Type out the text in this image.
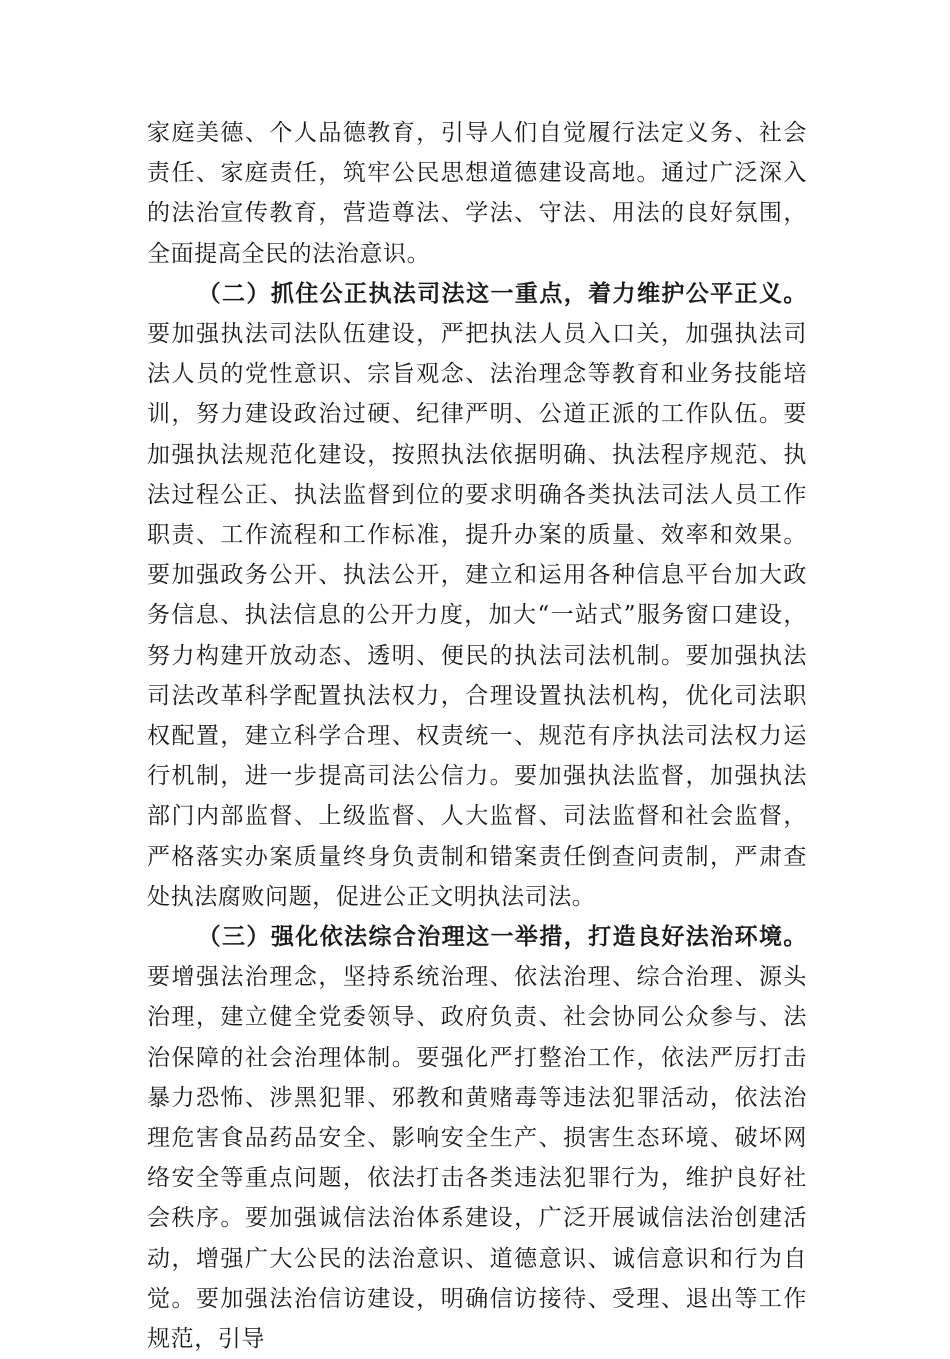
家庭美德、个人品德教育，引导人们自觉履行法定义务、社会责任、家庭责任，筑牢公民思想道德建设高地。通过广泛深入的法治宣传教育，营造尊法、学法、守法、用法的良好氛围，全面提高全民的法治意识。

（二）抓住公正执法司法这一重点，着力维护公平正义。要加强执法司法队伍建设，严把执法人员入口关，加强执法司法人员的党性意识、宗旨观念、法治理念等教育和业务技能培训，努力建设政治过硬、纪律严明、公道正派的工作队伍。要加强执法规范化建设，按照执法依据明确、执法程序规范、执法过程公正、执法监督到位的要求明确各类执法司法人员工作职责、工作流程和工作标准，提升办案的质量、效率和效果。要加强政务公开、执法公开，建立和运用各种信息平台加大政务信息、执法信息的公开力度，加大“一站式”服务窗口建设，努力构建开放动态、透明、便民的执法司法机制。要加强执法司法改革科学配置执法权力，合理设置执法机构，优化司法职权配置，建立科学合理、权责统一、规范有序执法司法权力运行机制，进一步提高司法公信力。要加强执法监督，加强执法部门内部监督、上级监督、人大监督、司法监督和社会监督，严格落实办案质量终身负责制和错案责任倒查问责制，严肃查处执法腐败问题，促进公正文明执法司法。

（三）强化依法综合治理这一举措，打造良好法治环境。要增强法治理念，坚持系统治理、依法治理、综合治理、源头治理，建立健全党委领导、政府负责、社会协同公众参与、法治保障的社会治理体制。要强化严打整治工作，依法严厉打击暴力恐怖、涉黑犯罪、邪教和黄赌毒等违法犯罪活动，依法治理危害食品药品安全、影响安全生产、损害生态环境、破坏网络安全等重点问题，依法打击各类违法犯罪行为，维护良好社会秩序。要加强诚信法治体系建设，广泛开展诚信法治创建活动，增强广大公民的法治意识、道德意识、诚信意识和行为自觉。要加强法治信访建设，明确信访接待、受理、退出等工作规范，引导
